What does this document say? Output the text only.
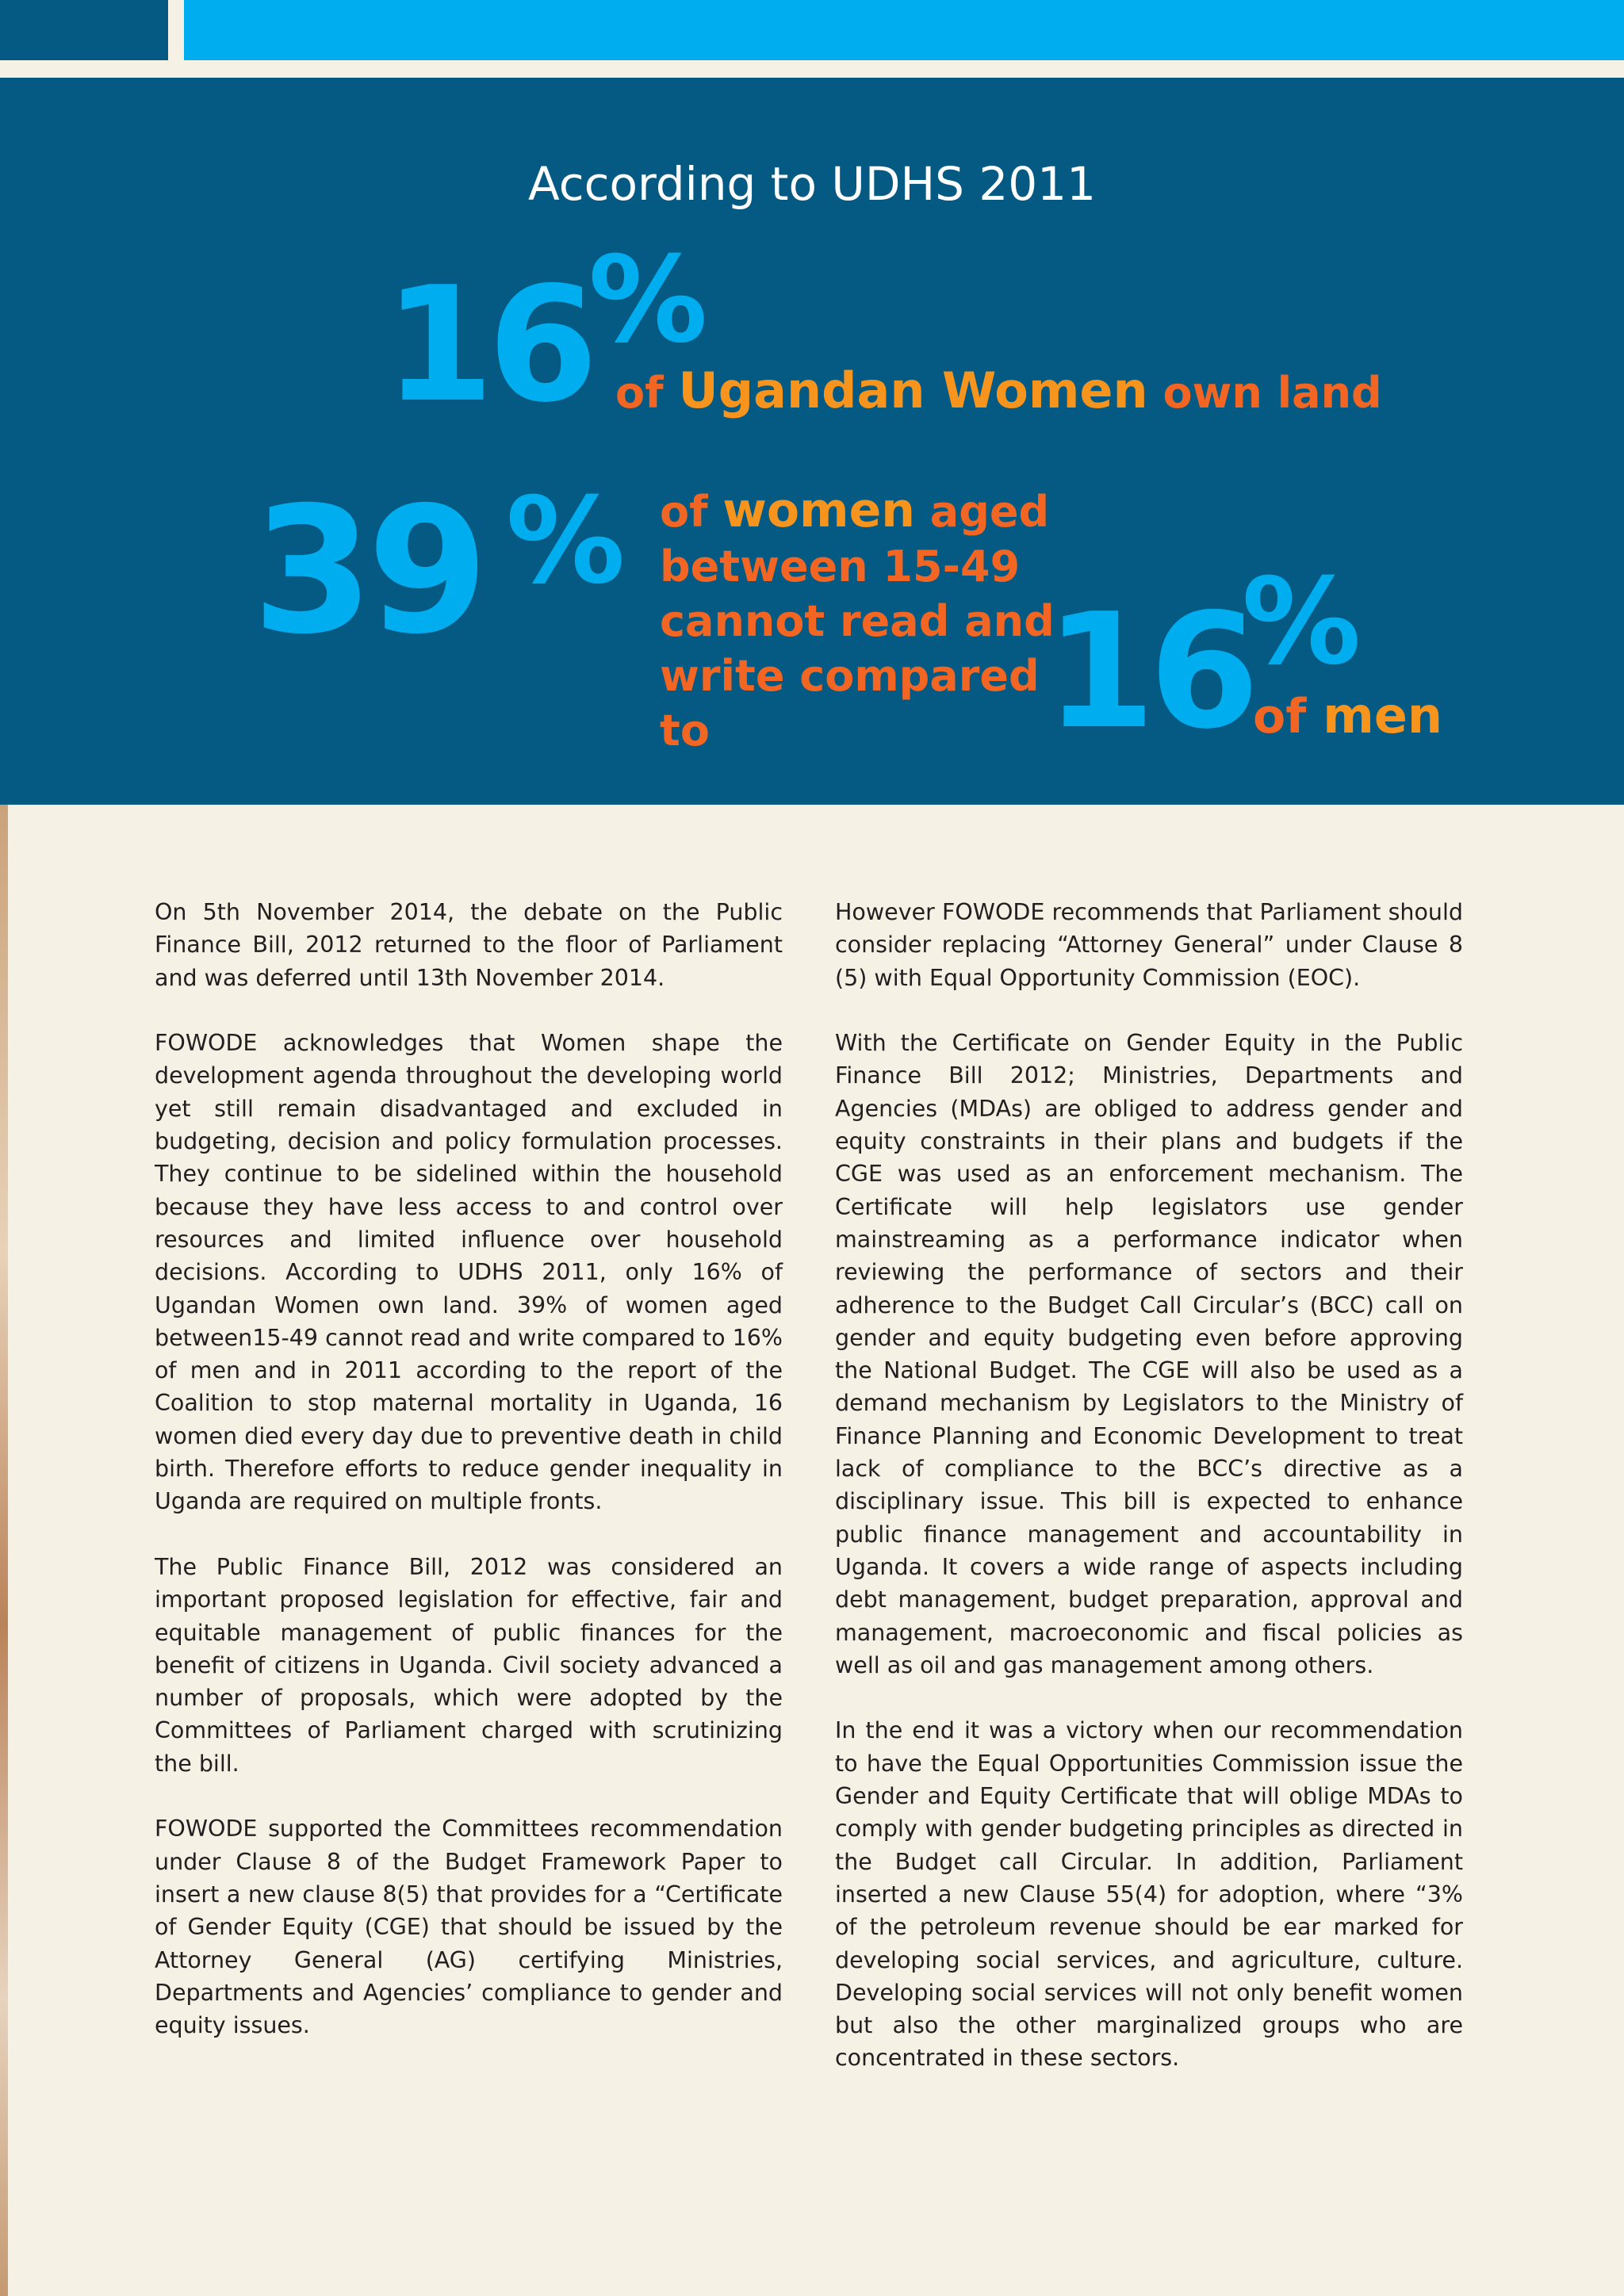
According to UDHS 2011
16
%
of Ugandan Women own land
39 % of women aged
between 15-49
cannot read and
write compared to	16
%
of men

On 5th November 2014, the debate on the Public Finance Bill, 2012 returned to the floor of Parliament and was deferred until 13th November 2014.

FOWODE acknowledges that Women shape the development agenda throughout the developing world yet still remain disadvantaged and excluded in budgeting, decision and policy formulation processes. They continue to be sidelined within the household because they have less access to and control over resources and limited influence over household decisions. According to UDHS 2011, only 16% of Ugandan Women own land. 39% of women aged between15-49 cannot read and write compared to 16% of men and in 2011 according to the report of the Coalition to stop maternal mortality in Uganda, 16 women died every day due to preventive death in child birth. Therefore efforts to reduce gender inequality in Uganda are required on multiple fronts.

The Public Finance Bill, 2012 was considered an important proposed legislation for effective, fair and equitable management of public finances for the benefit of citizens in Uganda. Civil society advanced a number of proposals, which were adopted by the Committees of Parliament charged with scrutinizing the bill.

FOWODE supported the Committees recommendation under Clause 8 of the Budget Framework Paper to insert a new clause 8(5) that provides for a “Certificate of Gender Equity (CGE) that should be issued by the Attorney General (AG) certifying Ministries, Departments and Agencies’ compliance to gender and equity issues.

However FOWODE recommends that Parliament should consider replacing “Attorney General” under Clause 8 (5) with Equal Opportunity Commission (EOC).

With the Certificate on Gender Equity in the Public Finance Bill 2012; Ministries, Departments and Agencies (MDAs) are obliged to address gender and equity constraints in their plans and budgets if the CGE was used as an enforcement mechanism. The Certificate will help legislators use gender mainstreaming as a performance indicator when reviewing the performance of sectors and their adherence to the Budget Call Circular’s (BCC) call on gender and equity budgeting even before approving the National Budget. The CGE will also be used as a demand mechanism by Legislators to the Ministry of Finance Planning and Economic Development to treat lack of compliance to the BCC’s directive as a disciplinary issue. This bill is expected to enhance public finance management and accountability in Uganda. It covers a wide range of aspects including debt management, budget preparation, approval and management, macroeconomic and fiscal policies as well as oil and gas management among others.

In the end it was a victory when our recommendation to have the Equal Opportunities Commission issue the Gender and Equity Certificate that will oblige MDAs to comply with gender budgeting principles as directed in the Budget call Circular. In addition, Parliament inserted a new Clause 55(4) for adoption, where “3% of the petroleum revenue should be ear marked for developing social services, and agriculture, culture. Developing social services will not only benefit women but also the other marginalized groups who are concentrated in these sectors.
